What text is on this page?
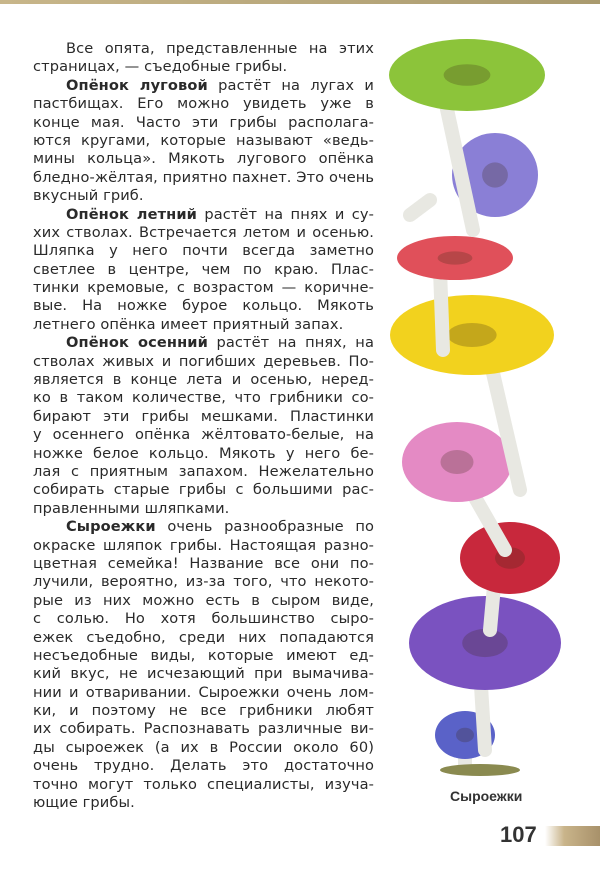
Все опята, представленные на этих
страницах, — съедобные грибы.
Опёнок луговой растёт на лугах и
пастбищах. Его можно увидеть уже в
конце мая. Часто эти грибы располага-
ются кругами, которые называют «ведь-
мины кольца». Мякоть лугового опёнка
бледно-жёлтая, приятно пахнет. Это очень
вкусный гриб.
Опёнок летний растёт на пнях и су-
хих стволах. Встречается летом и осенью.
Шляпка у него почти всегда заметно
светлее в центре, чем по краю. Плас-
тинки кремовые, с возрастом — коричне-
вые. На ножке бурое кольцо. Мякоть
летнего опёнка имеет приятный запах.
Опёнок осенний растёт на пнях, на
стволах живых и погибших деревьев. По-
является в конце лета и осенью, неред-
ко в таком количестве, что грибники со-
бирают эти грибы мешками. Пластинки
у осеннего опёнка жёлтовато-белые, на
ножке белое кольцо. Мякоть у него бе-
лая с приятным запахом. Нежелательно
собирать старые грибы с большими рас-
правленными шляпками.
Сыроежки очень разнообразные по
окраске шляпок грибы. Настоящая разно-
цветная семейка! Название все они по-
лучили, вероятно, из-за того, что некото-
рые из них можно есть в сыром виде,
с солью. Но хотя большинство сыро-
ежек съедобно, среди них попадаются
несъедобные виды, которые имеют ед-
кий вкус, не исчезающий при вымачива-
нии и отваривании. Сыроежки очень лом-
ки, и поэтому не все грибники любят
их собирать. Распознавать различные ви-
ды сыроежек (а их в России около 60)
очень трудно. Делать это достаточно
точно могут только специалисты, изуча-
ющие грибы.	Сыроежки
107
